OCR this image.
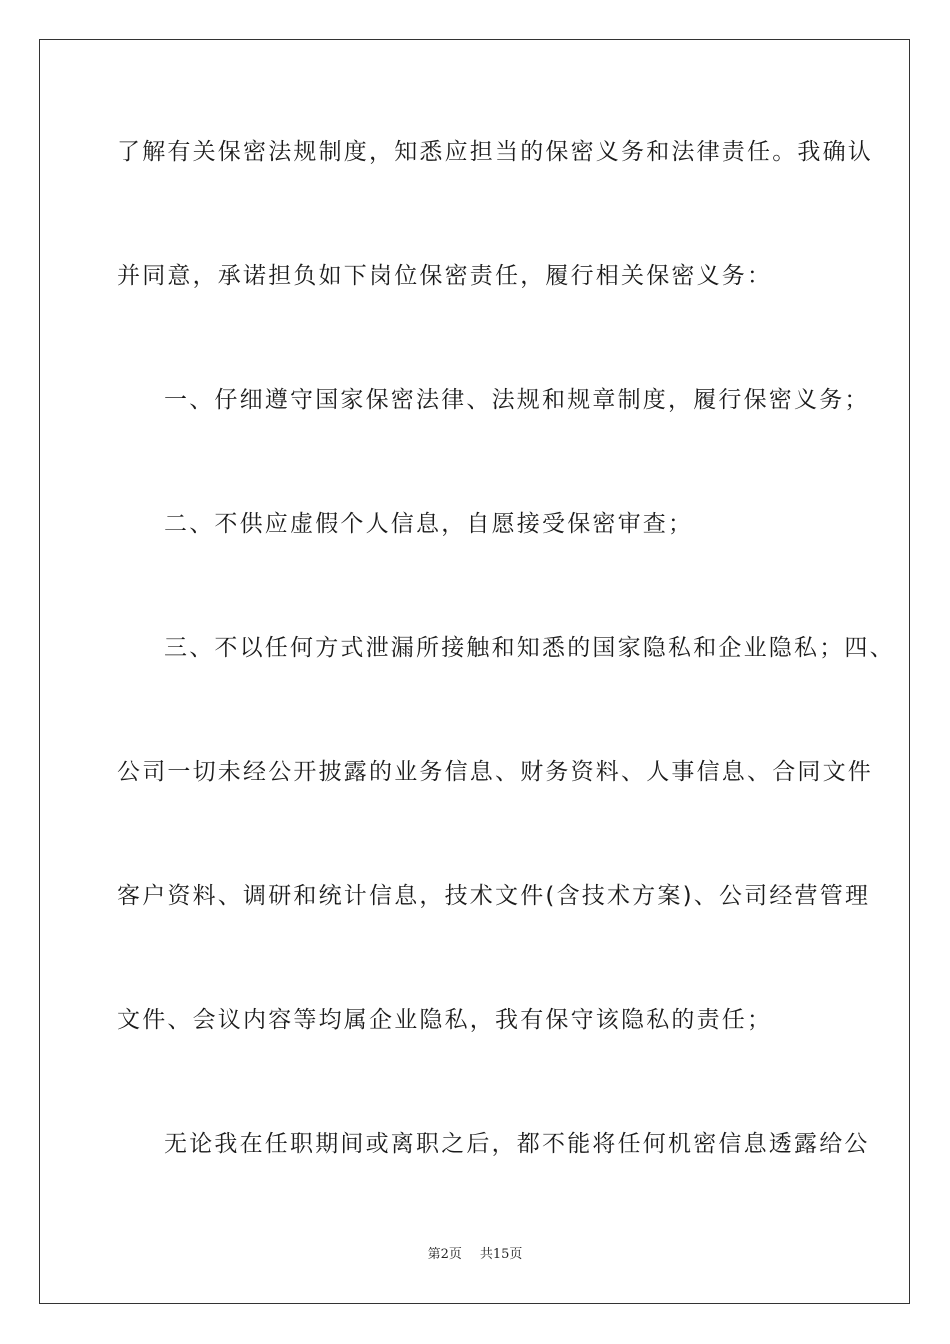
了解有关保密法规制度，知悉应担当的保密义务和法律责任。我确认
并同意，承诺担负如下岗位保密责任，履行相关保密义务：
一、仔细遵守国家保密法律、法规和规章制度，履行保密义务；
二、不供应虚假个人信息，自愿接受保密审查；
三、不以任何方式泄漏所接触和知悉的国家隐私和企业隐私；四、
公司一切未经公开披露的业务信息、财务资料、人事信息、合同文件
客户资料、调研和统计信息，技术文件(含技术方案)、公司经营管理
文件、会议内容等均属企业隐私，我有保守该隐私的责任；
无论我在任职期间或离职之后，都不能将任何机密信息透露给公
第2页 共15页
